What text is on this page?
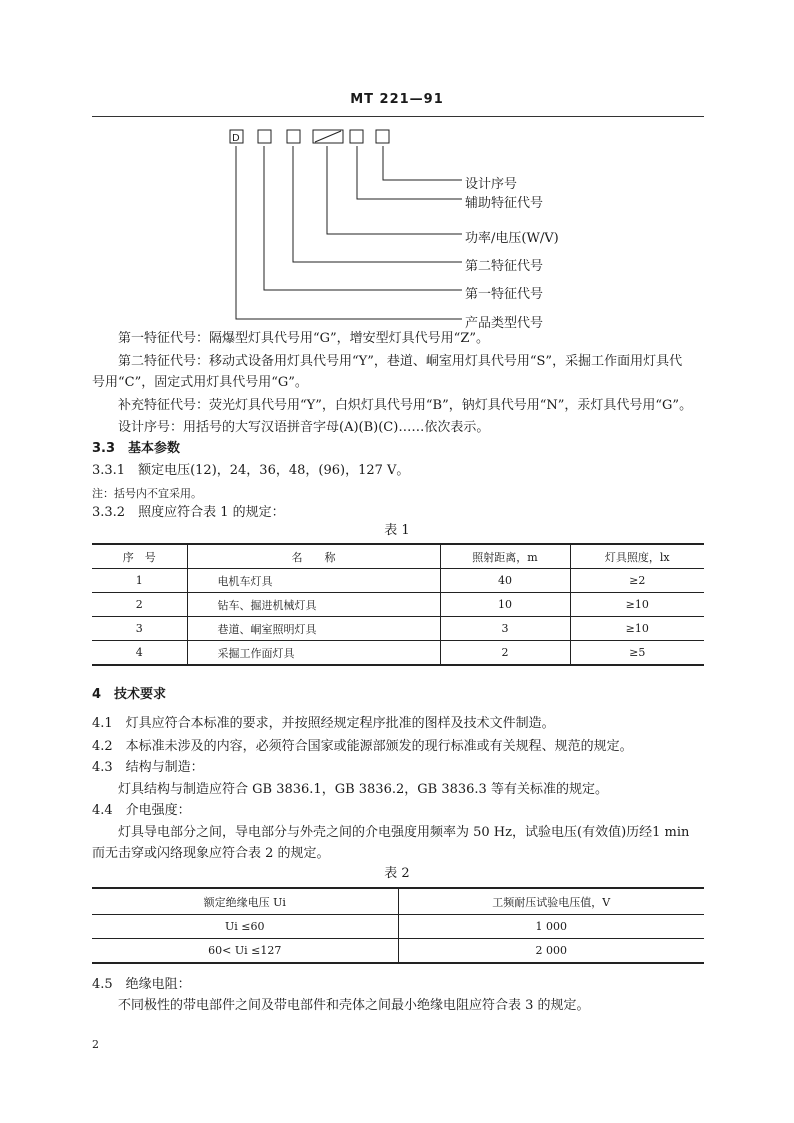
MT 221—91
D
设计序号
辅助特征代号
功率/电压(W/V)
第二特征代号
第一特征代号
产品类型代号
第一特征代号：隔爆型灯具代号用“G”，增安型灯具代号用“Z”。
第二特征代号：移动式设备用灯具代号用“Y”，巷道、峒室用灯具代号用“S”，采掘工作面用灯具代
号用“C”，固定式用灯具代号用“G”。
补充特征代号：荧光灯具代号用“Y”，白炽灯具代号用“B”，钠灯具代号用“N”，汞灯具代号用“G”。
设计序号：用括号的大写汉语拼音字母(A)(B)(C)……依次表示。
3.3　基本参数
3.3.1　额定电压(12)，24，36，48，(96)，127 V。
注：括号内不宜采用。
3.3.2　照度应符合表 1 的规定：
表 1
序　号	名　　称	照射距离，m	灯具照度，lx
1	电机车灯具	40	≥2
2	钻车、掘进机械灯具	10	≥10
3	巷道、峒室照明灯具	3	≥10
4	采掘工作面灯具	2	≥5
4　技术要求
4.1　灯具应符合本标准的要求，并按照经规定程序批准的图样及技术文件制造。
4.2　本标准未涉及的内容，必须符合国家或能源部颁发的现行标准或有关规程、规范的规定。
4.3　结构与制造：
灯具结构与制造应符合 GB 3836.1，GB 3836.2，GB 3836.3 等有关标准的规定。
4.4　介电强度：
灯具导电部分之间，导电部分与外壳之间的介电强度用频率为 50 Hz，试验电压(有效值)历经1 min
而无击穿或闪络现象应符合表 2 的规定。
表 2
额定绝缘电压 Ui	工频耐压试验电压值，V
Ui ≤60	1 000
60< Ui ≤127	2 000
4.5　绝缘电阻：
不同极性的带电部件之间及带电部件和壳体之间最小绝缘电阻应符合表 3 的规定。
2
